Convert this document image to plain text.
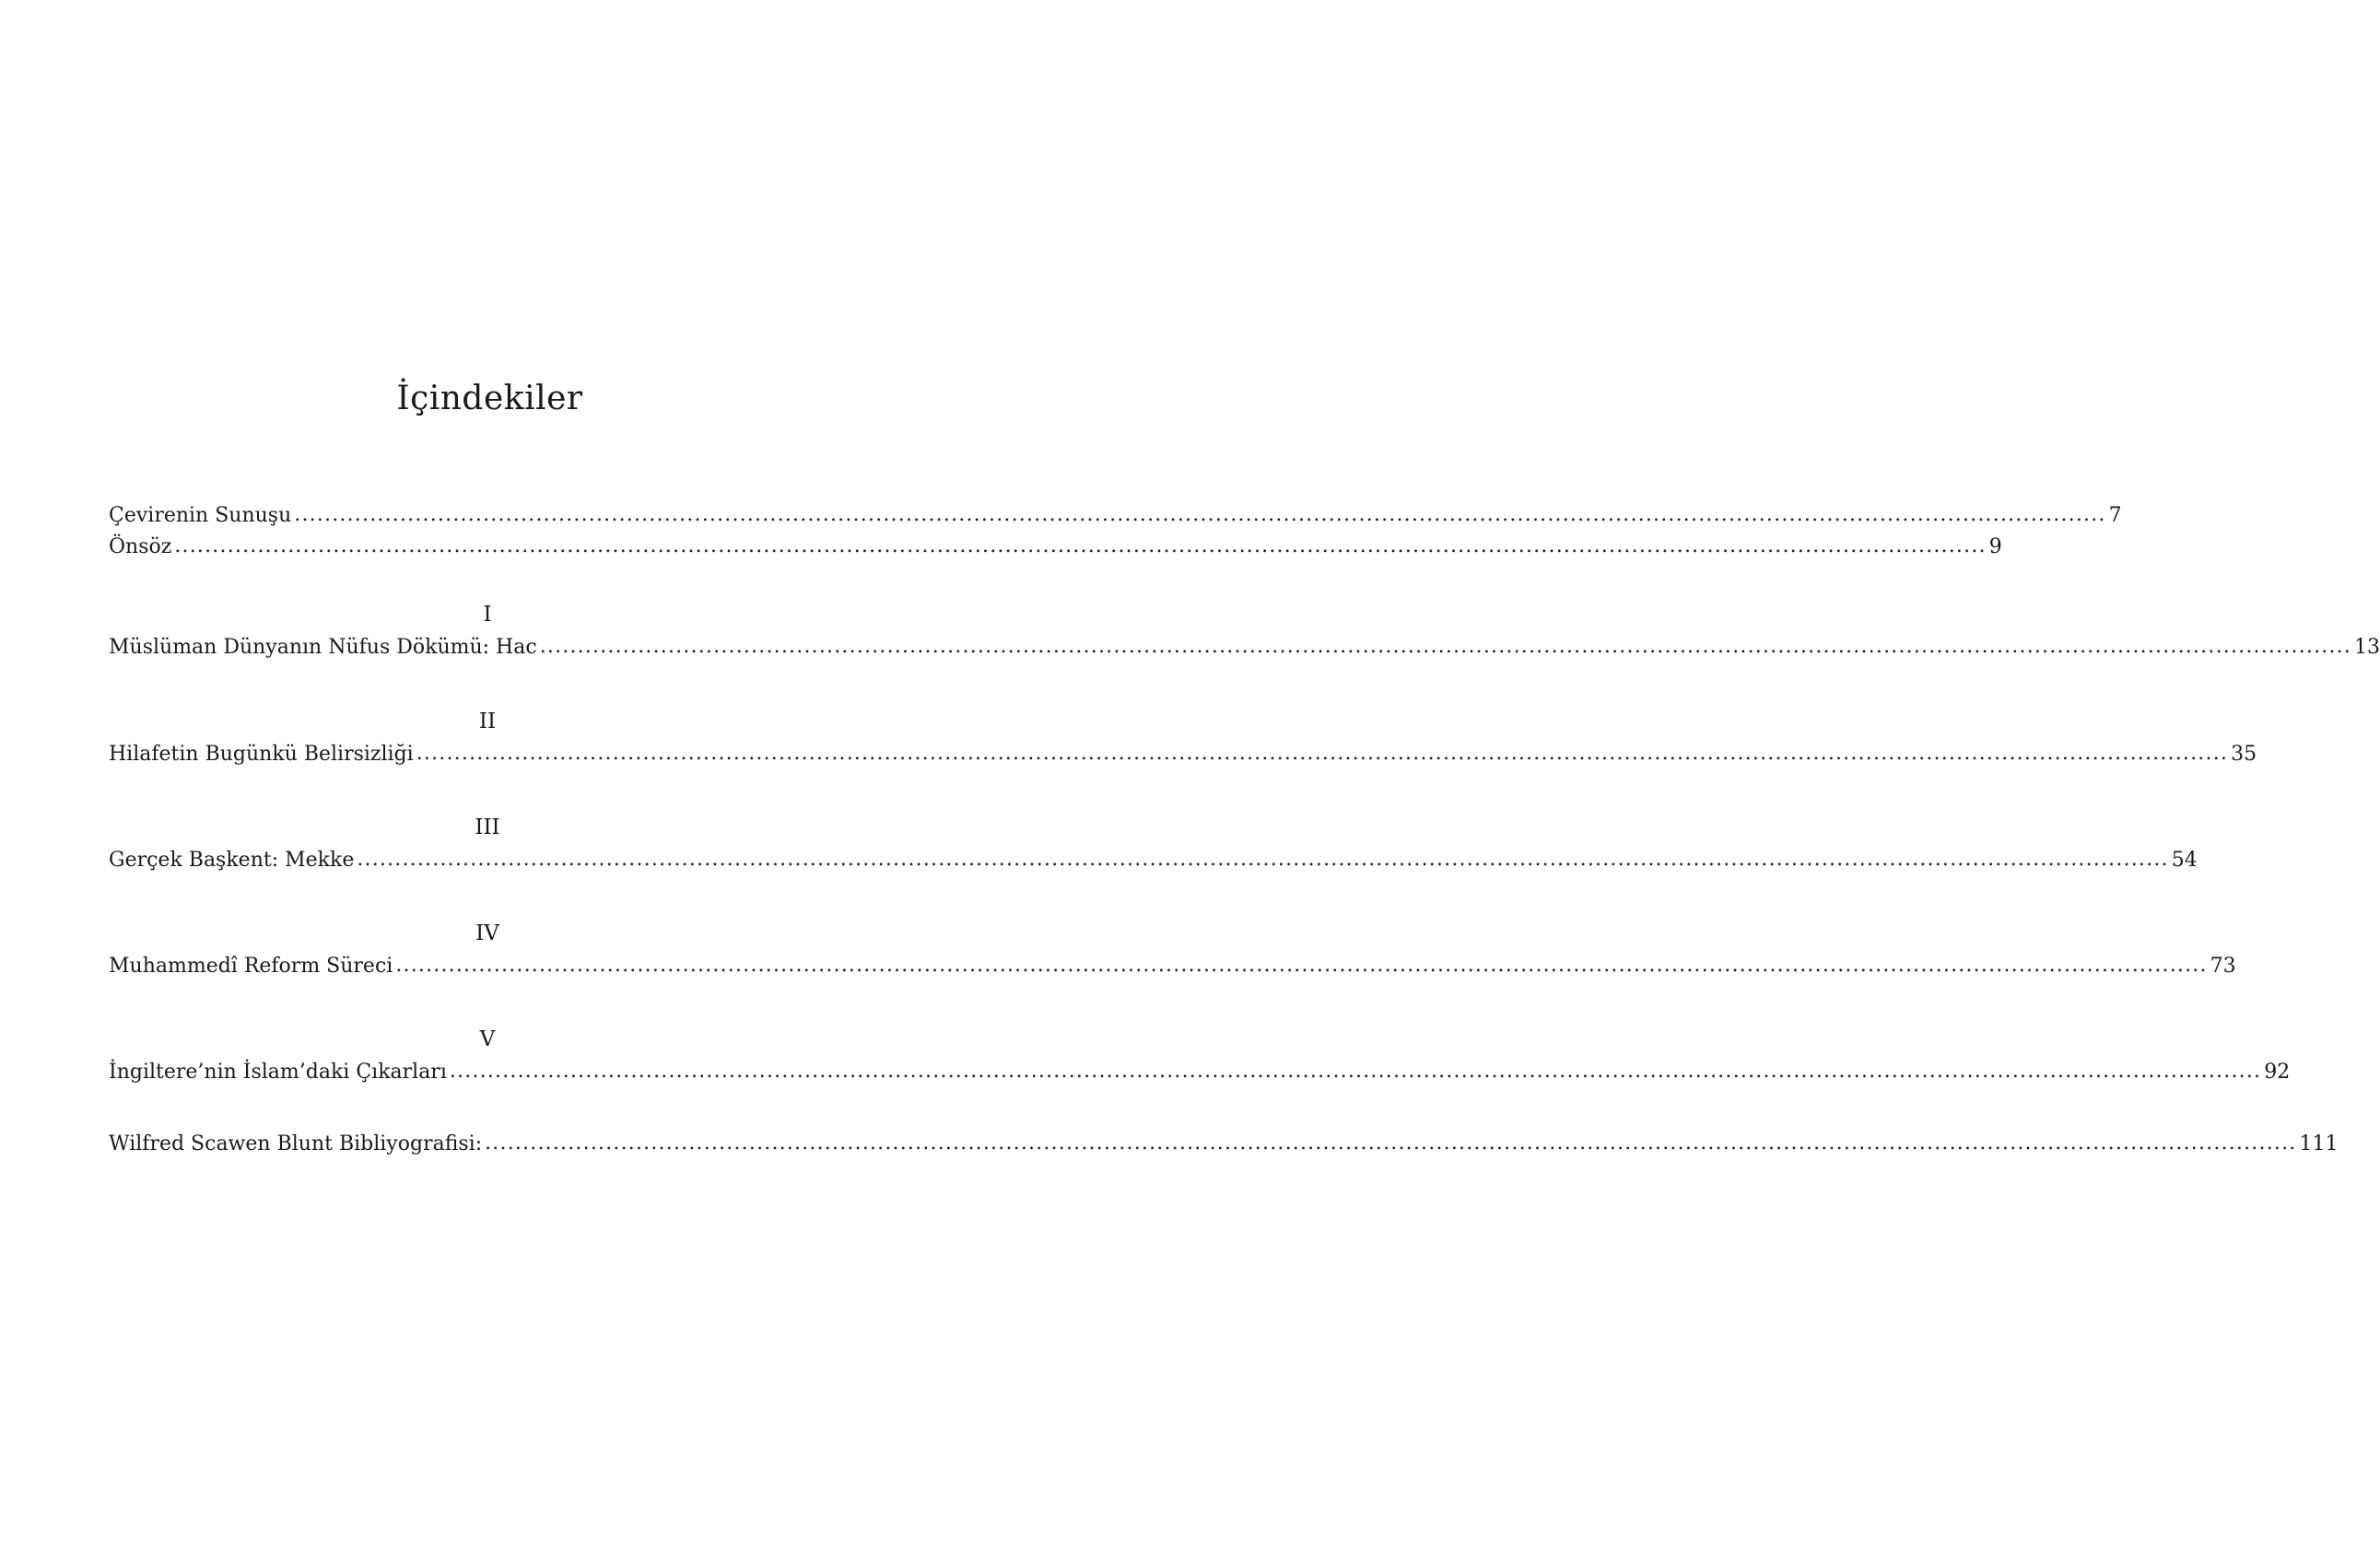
İçindekiler
Çevirenin Sunuşu ................................................................................................................................................................................................................................................ 7
Önsöz ................................................................................................................................................................................................................................................ 9
I
Müslüman Dünyanın Nüfus Dökümü: Hac ................................................................................................................................................................................................................................................ 13
II
Hilafetin Bugünkü Belirsizliği ................................................................................................................................................................................................................................................ 35
III
Gerçek Başkent: Mekke ................................................................................................................................................................................................................................................ 54
IV
Muhammedî Reform Süreci ................................................................................................................................................................................................................................................ 73
V
İngiltere’nin İslam’daki Çıkarları ................................................................................................................................................................................................................................................ 92
Wilfred Scawen Blunt Bibliyografisi: ................................................................................................................................................................................................................................................ 111
